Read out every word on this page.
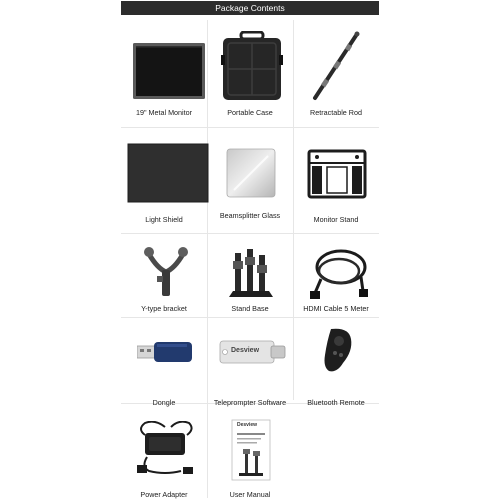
Package Contents
19" Metal Monitor	Portable Case	Retractable Rod
Light Shield	Beamsplitter Glass	Monitor Stand
Y-type bracket	Stand Base	HDMI Cable 5 Meter
Dongle
Desview
Teleprompter Software	Bluetooth Remote
Power Adapter
Desview
User Manual
